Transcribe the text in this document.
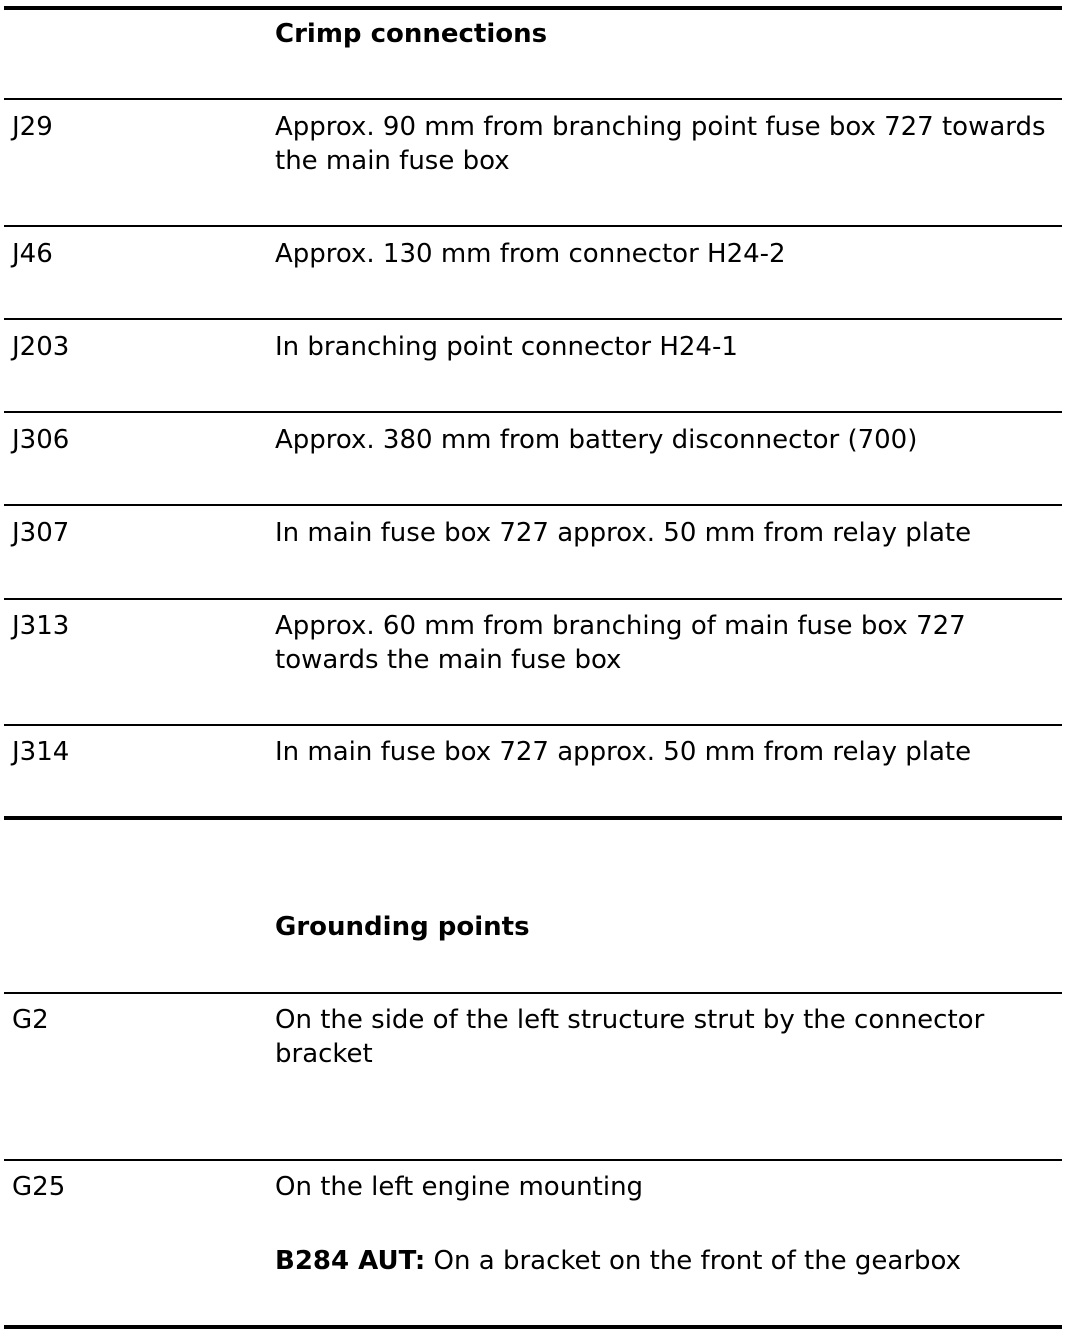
Crimp connections
J29	Approx. 90 mm from branching point fuse box 727 towards the main fuse box
J46	Approx. 130 mm from connector H24-2
J203	In branching point connector H24-1
J306	Approx. 380 mm from battery disconnector (700)
J307	In main fuse box 727 approx. 50 mm from relay plate
J313	Approx. 60 mm from branching of main fuse box 727 towards the main fuse box
J314	In main fuse box 727 approx. 50 mm from relay plate
Grounding points
G2	On the side of the left structure strut by the connector bracket
G25	On the left engine mounting
B284 AUT: On a bracket on the front of the gearbox
